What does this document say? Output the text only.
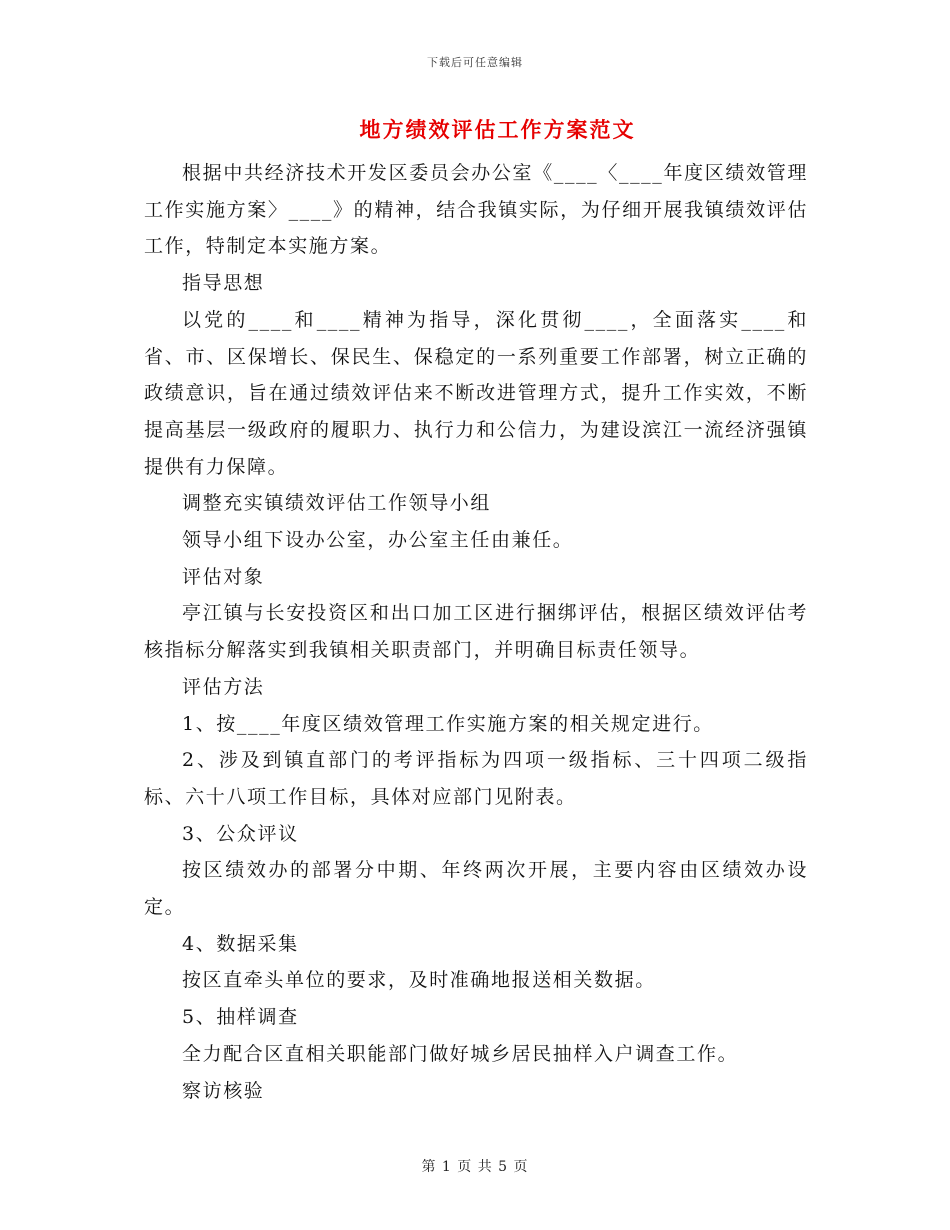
下载后可任意编辑
地方绩效评估工作方案范文

根据中共经济技术开发区委员会办公室《____〈____年度区绩效管理工作实施方案〉____》的精神，结合我镇实际，为仔细开展我镇绩效评估工作，特制定本实施方案。

指导思想

以党的____和____精神为指导，深化贯彻____，全面落实____和省、市、区保增长、保民生、保稳定的一系列重要工作部署，树立正确的政绩意识，旨在通过绩效评估来不断改进管理方式，提升工作实效，不断提高基层一级政府的履职力、执行力和公信力，为建设滨江一流经济强镇提供有力保障。

调整充实镇绩效评估工作领导小组

领导小组下设办公室，办公室主任由兼任。

评估对象

亭江镇与长安投资区和出口加工区进行捆绑评估，根据区绩效评估考核指标分解落实到我镇相关职责部门，并明确目标责任领导。

评估方法

1、按____年度区绩效管理工作实施方案的相关规定进行。

2、涉及到镇直部门的考评指标为四项一级指标、三十四项二级指标、六十八项工作目标，具体对应部门见附表。

3、公众评议

按区绩效办的部署分中期、年终两次开展，主要内容由区绩效办设定。

4、数据采集

按区直牵头单位的要求，及时准确地报送相关数据。

5、抽样调查

全力配合区直相关职能部门做好城乡居民抽样入户调查工作。

察访核验

第 1 页 共 5 页
